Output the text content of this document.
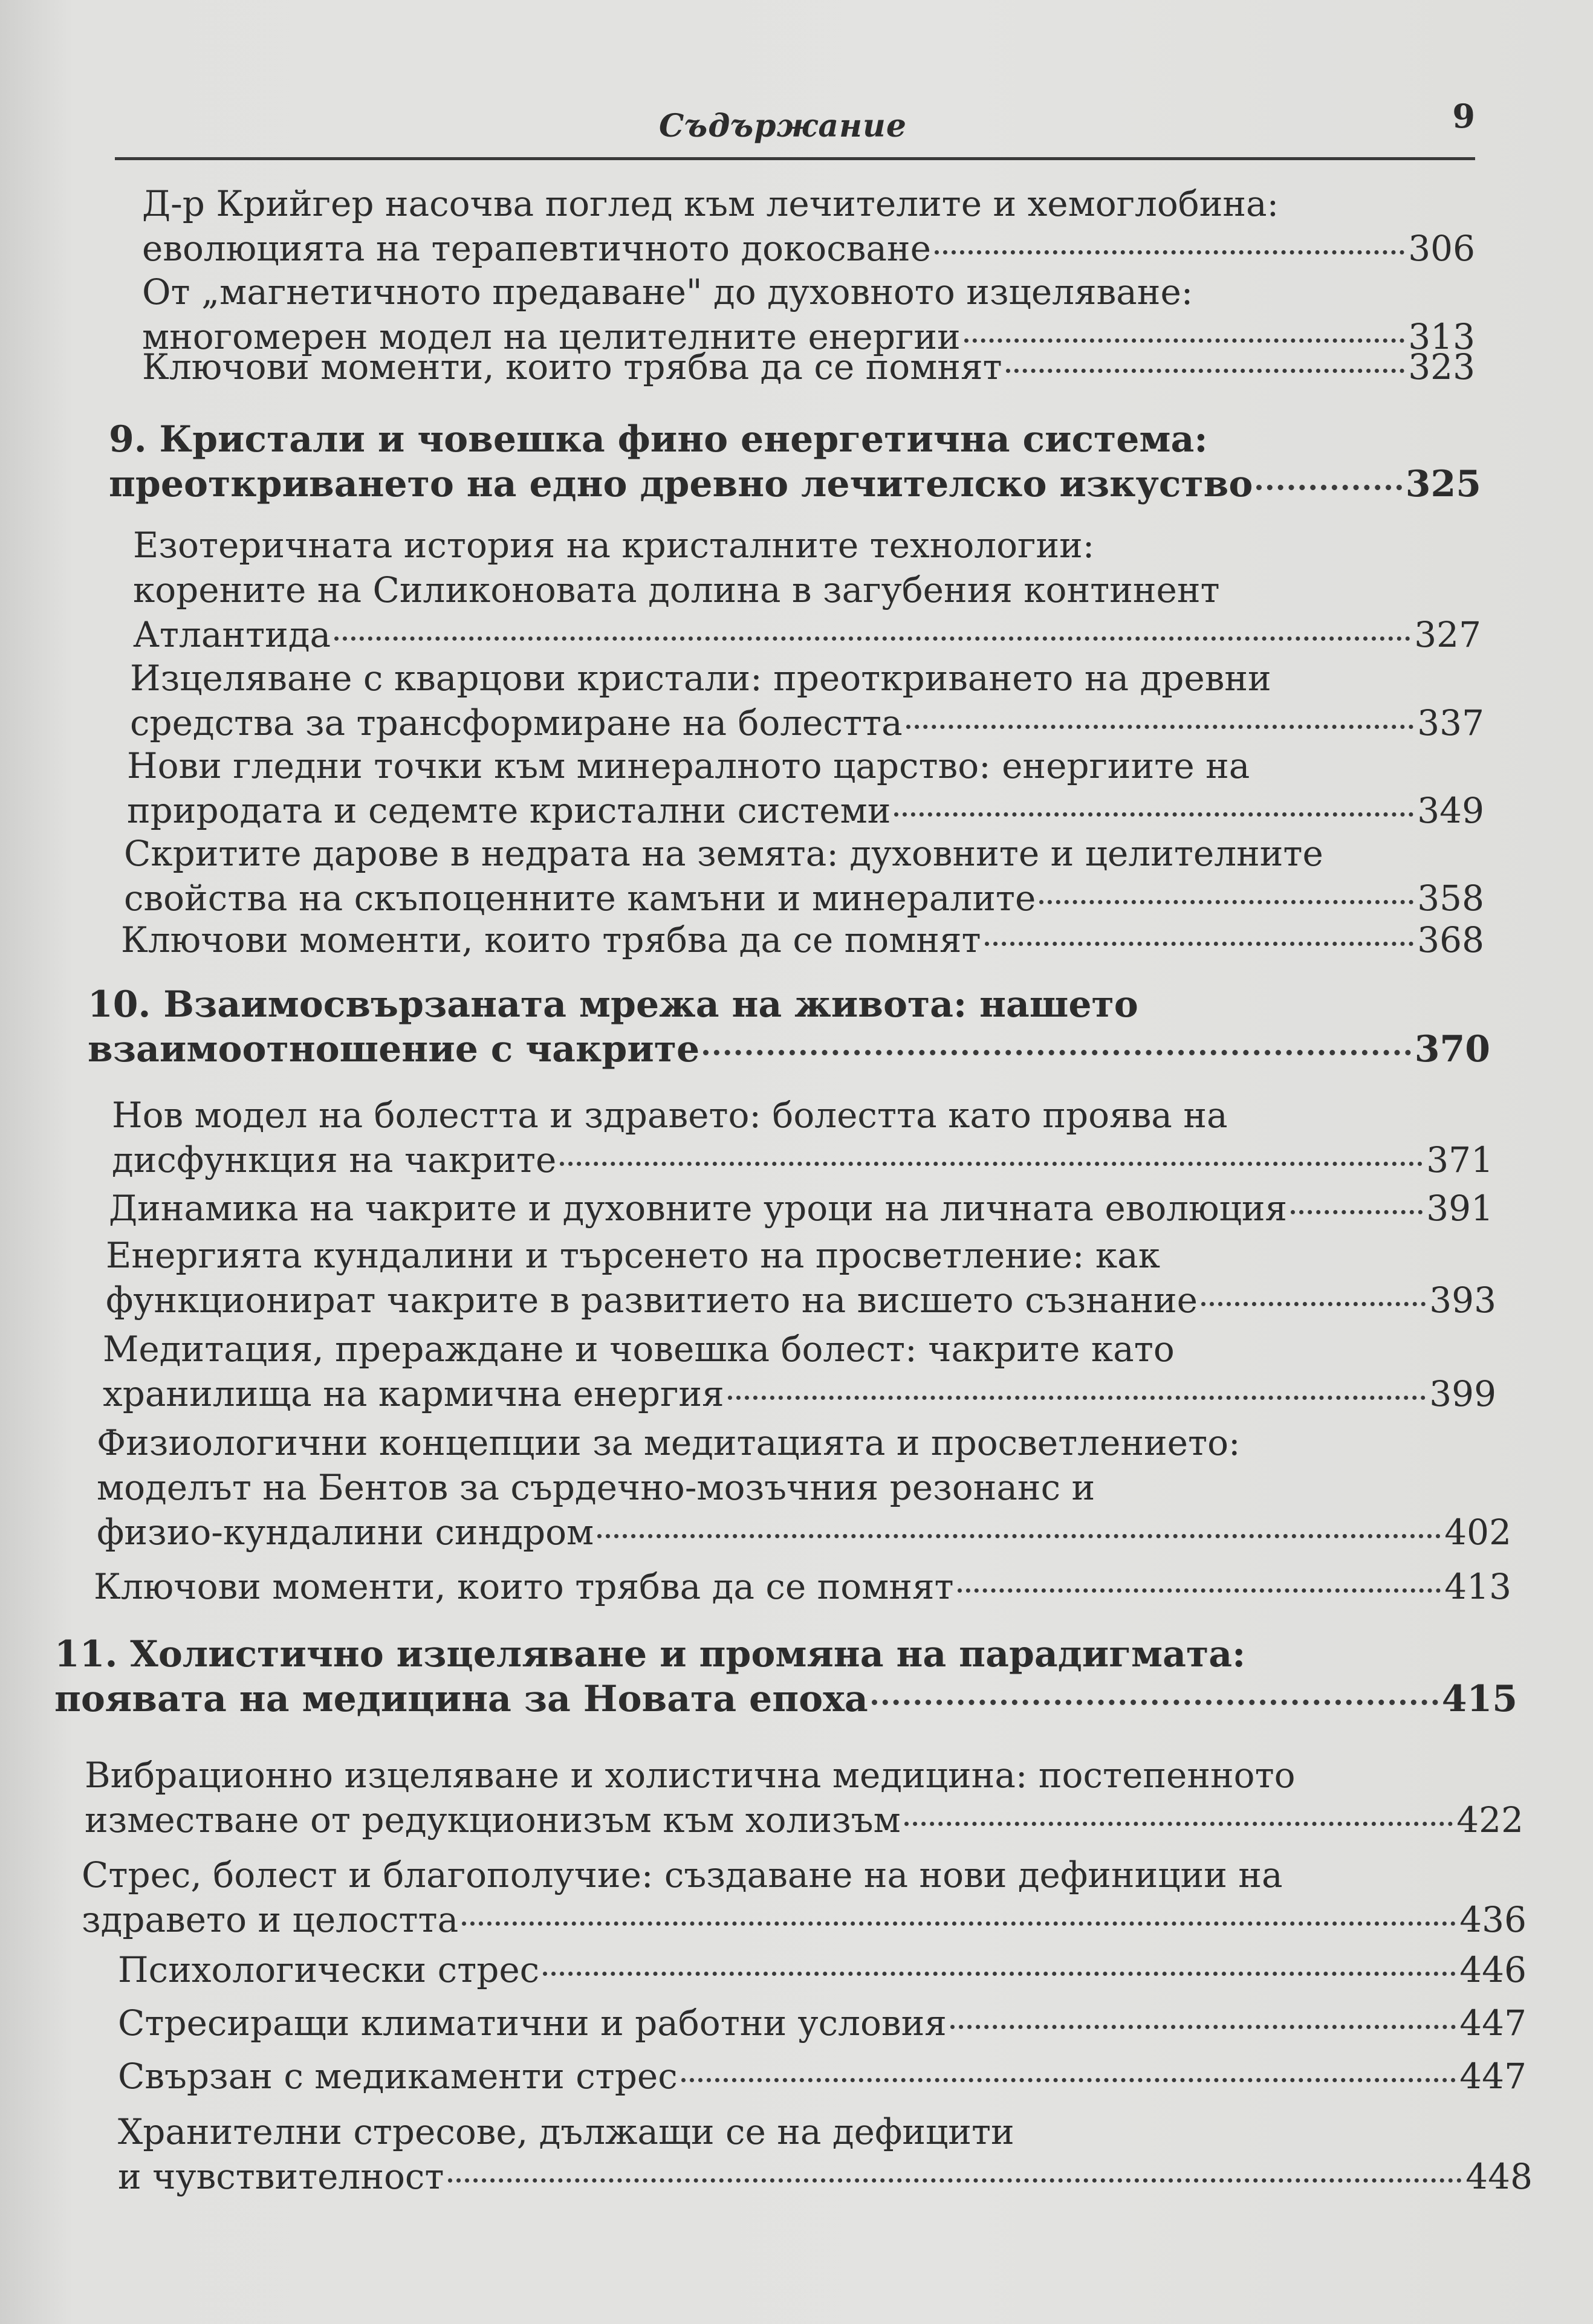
Съдържание	9
Д-р Крийгер насочва поглед към лечителите и хемоглобина:
еволюцията на терапевтичното докосване	306
От „магнетичното предаване" до духовното изцеляване:
многомерен модел на целителните енергии	313
Ключови моменти, които трябва да се помнят	323
9. Кристали и човешка фино енергетична система:
преоткриването на едно древно лечителско изкуство	325
Езотеричната история на кристалните технологии:
корените на Силиконовата долина в загубения континент
Атлантида	327
Изцеляване с кварцови кристали: преоткриването на древни
средства за трансформиране на болестта	337
Нови гледни точки към минералното царство: енергиите на
природата и седемте кристални системи	349
Скритите дарове в недрата на земята: духовните и целителните
свойства на скъпоценните камъни и минералите	358
Ключови моменти, които трябва да се помнят	368
10. Взаимосвързаната мрежа на живота: нашето
взаимоотношение с чакрите	370
Нов модел на болестта и здравето: болестта като проява на
дисфункция на чакрите	371
Динамика на чакрите и духовните уроци на личната еволюция	391
Енергията кундалини и търсенето на просветление: как
функционират чакрите в развитието на висшето съзнание	393
Медитация, прераждане и човешка болест: чакрите като
хранилища на кармична енергия	399
Физиологични концепции за медитацията и просветлението:
моделът на Бентов за сърдечно-мозъчния резонанс и
физио-кундалини синдром	402
Ключови моменти, които трябва да се помнят	413
11. Холистично изцеляване и промяна на парадигмата:
появата на медицина за Новата епоха	415
Вибрационно изцеляване и холистична медицина: постепенното
изместване от редукционизъм към холизъм	422
Стрес, болест и благополучие: създаване на нови дефиниции на
здравето и целостта	436
Психологически стрес	446
Стресиращи климатични и работни условия	447
Свързан с медикаменти стрес	447
Хранителни стресове, дължащи се на дефицити
и чувствителност	448
